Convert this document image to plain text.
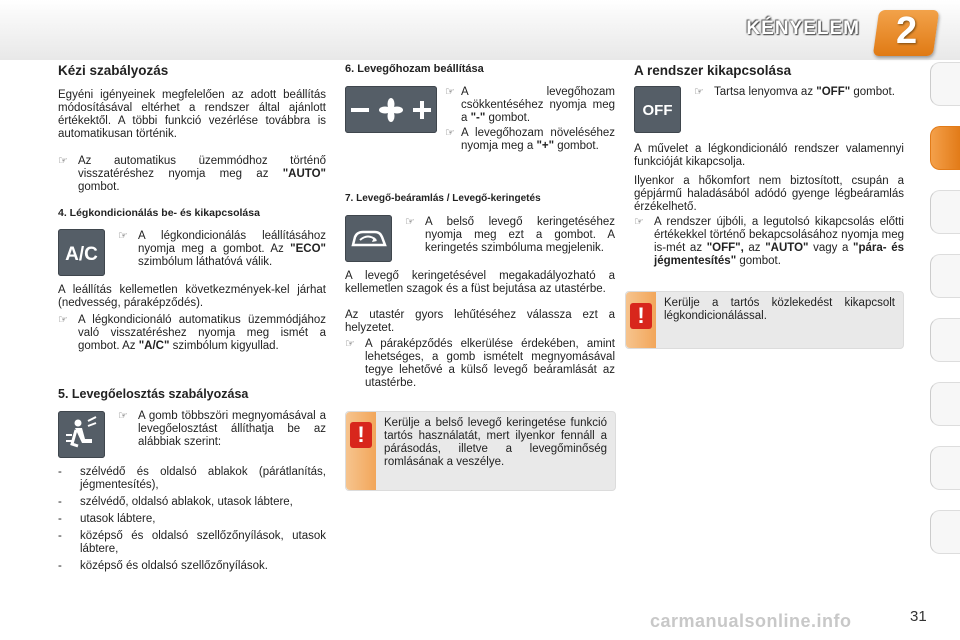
KÉNYELEM 2
Kézi szabályozás
Egyéni igényeinek megfelelően az adott beállítás módosításával eltérhet a rendszer által ajánlott értékektől. A többi funkció vezérlése továbbra is automatikusan történik.
☞ Az automatikus üzemmódhoz történő visszatéréshez nyomja meg az "AUTO" gombot.
4. Légkondicionálás be- és kikapcsolása
A/C
☞ A légkondicionálás leállításához nyomja meg a gombot. Az "ECO" szimbólum láthatóvá válik.
A leállítás kellemetlen következmények-kel járhat (nedvesség, páraképződés).
☞ A légkondicionáló automatikus üzemmódjához való visszatéréshez nyomja meg ismét a gombot. Az "A/C" szimbólum kigyullad.
5. Levegőelosztás szabályozása
☞ A gomb többszöri megnyomásával a levegőelosztást állíthatja be az alábbiak szerint:
- szélvédő és oldalsó ablakok (párátlanítás, jégmentesítés),
- szélvédő, oldalsó ablakok, utasok lábtere,
- utasok lábtere,
- középső és oldalsó szellőzőnyílások, utasok lábtere,
- középső és oldalsó szellőzőnyílások.
6. Levegőhozam beállítása
☞ A levegőhozam csökkentéséhez nyomja meg a "-" gombot.
☞ A levegőhozam növeléséhez nyomja meg a "+" gombot.
7. Levegő-beáramlás / Levegő-keringetés
☞ A belső levegő keringetéséhez nyomja meg ezt a gombot. A keringetés szimbóluma megjelenik.
A levegő keringetésével megakadályozható a kellemetlen szagok és a füst bejutása az utastérbe.
Az utastér gyors lehűtéséhez válassza ezt a helyzetet.
☞ A páraképződés elkerülése érdekében, amint lehetséges, a gomb ismételt megnyomásával tegye lehetővé a külső levegő beáramlását az utastérbe.
!	Kerülje a belső levegő keringetése funkció tartós használatát, mert ilyenkor fennáll a párásodás, illetve a levegőminőség romlásának a veszélye.
A rendszer kikapcsolása
OFF
☞ Tartsa lenyomva az "OFF" gombot.
A művelet a légkondicionáló rendszer valamennyi funkcióját kikapcsolja.
Ilyenkor a hőkomfort nem biztosított, csupán a gépjármű haladásából adódó gyenge légbeáramlás érzékelhető.
☞ A rendszer újbóli, a legutolsó kikapcsolás előtti értékekkel történő bekapcsolásához nyomja meg is-mét az "OFF", az "AUTO" vagy a "pára- és jégmentesítés" gombot.
!	Kerülje a tartós közlekedést kikapcsolt légkondicionálással.
carmanualsonline.info	31
